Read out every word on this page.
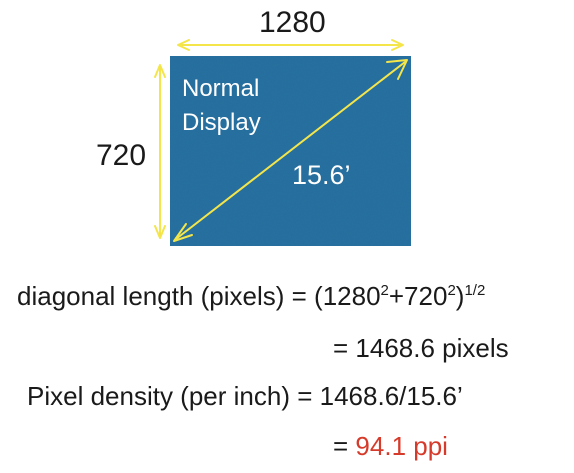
1280
720
Normal
Display
15.6’
diagonal length (pixels) = $(1280^2+720^2)^{1/2}$
= 1468.6 pixels
Pixel density (per inch) = 1468.6/15.6’
= 94.1 ppi
